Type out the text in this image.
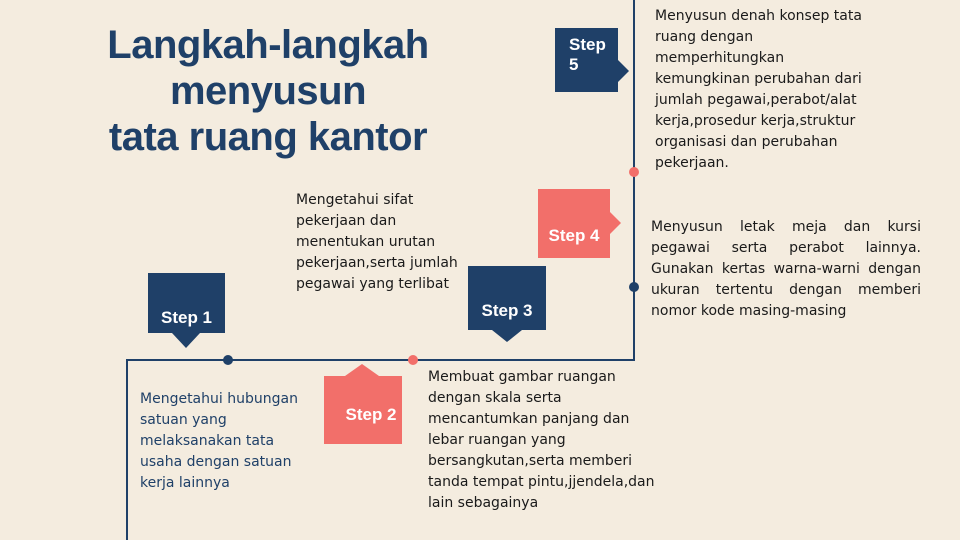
Langkah-langkah menyusun
tata ruang kantor
Step 1
Mengetahui hubungan satuan yang melaksanakan tata usaha dengan satuan kerja lainnya
Step 2
Membuat gambar ruangan dengan skala serta mencantumkan panjang dan lebar ruangan yang bersangkutan,serta memberi tanda tempat pintu,jjendela,dan lain sebagainya
Step 3
Mengetahui sifat pekerjaan dan menentukan urutan pekerjaan,serta jumlah pegawai yang terlibat
Step 4	Menyusun letak meja dan kursi pegawai serta perabot lainnya. Gunakan kertas warna-warni dengan ukuran tertentu dengan memberi nomor kode masing-masing
Step 5
Menyusun denah konsep tata ruang dengan memperhitungkan kemungkinan perubahan dari jumlah pegawai,perabot/alat kerja,prosedur kerja,struktur organisasi dan perubahan pekerjaan.
